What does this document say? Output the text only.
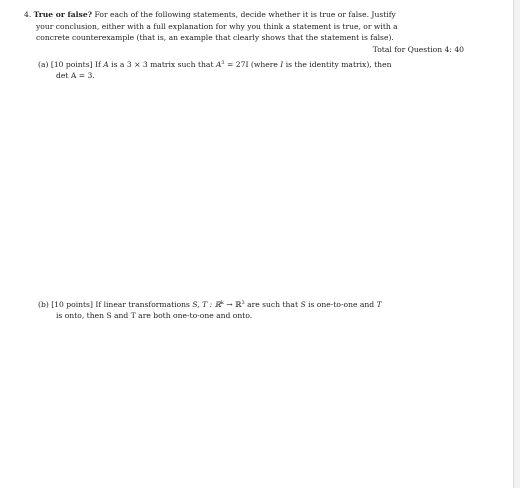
4. True or false? For each of the following statements, decide whether it is true or false. Justify
your conclusion, either with a full explanation for why you think a statement is true, or with a
concrete counterexample (that is, an example that clearly shows that the statement is false).
Total for Question 4: 40
(a) [10 points] If A is a 3 × 3 matrix such that $A^3 = 27I$ (where I is the identity matrix), then
det A = 3.
(b) [10 points] If linear transformations S, T : ℝ$^k$ → ℝ$^3$ are such that S is one-to-one and T
is onto, then S and T are both one-to-one and onto.
